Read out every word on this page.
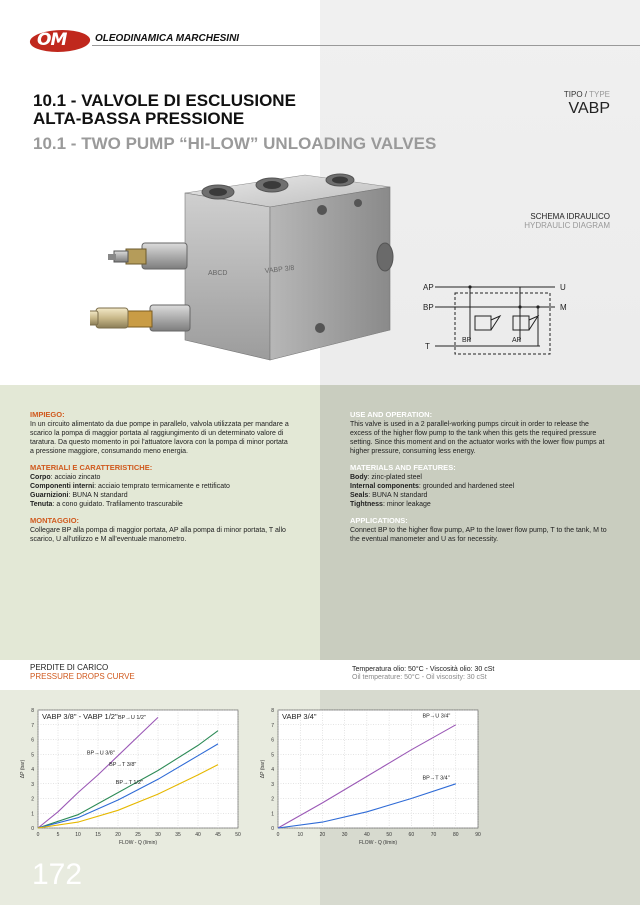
OM	OLEODINAMICA MARCHESINI
10.1 - VALVOLE DI ESCLUSIONE
ALTA-BASSA PRESSIONE
10.1 - TWO PUMP “HI-LOW” UNLOADING VALVES
TIPO / TYPE
VABP
SCHEMA IDRAULICO
HYDRAULIC DIAGRAM
ABCD	VABP 3/8
AP
BP
T
U
M
BP	AP
IMPIEGO:

In un circuito alimentato da due pompe in parallelo, valvola utilizzata per mandare a scarico la pompa di maggior portata al raggiungimento di un determinato valore di taratura. Da questo momento in poi l'attuatore lavora con la pompa di minor portata a pressione maggiore, consumando meno energia.

MATERIALI E CARATTERISTICHE:

Corpo: acciaio zincato
Componenti interni: acciaio temprato termicamente e rettificato
Guarnizioni: BUNA N standard
Tenuta: a cono guidato. Trafilamento trascurabile

MONTAGGIO:

Collegare BP alla pompa di maggior portata, AP alla pompa di minor portata, T allo scarico, U all'utilizzo e M all'eventuale manometro.

USE AND OPERATION:

This valve is used in a 2 parallel-working pumps circuit in order to release the excess of the higher flow pump to the tank when this gets the required pressure setting. Since this moment and on the actuator works with the lower flow pumps at higher pressure, consuming less energy.

MATERIALS AND FEATURES:

Body: zinc-plated steel
Internal components: grounded and hardened steel
Seals: BUNA N standard
Tightness: minor leakage

APPLICATIONS:

Connect BP to the higher flow pump, AP to the lower flow pump, T to the tank, M to the eventual manometer and U as for necessity.

PERDITE DI CARICO
PRESSURE DROPS CURVE
Temperatura olio: 50°C - Viscosità olio: 30 cSt
Oil temperature: 50°C - Oil viscosity: 30 cSt
0	5	10	15	20	25	30	35	40	45	50
0
1
2
3
4
5
6
7
8
VABP 3/8" - VABP 1/2"
FLOW - Q (l/min)
ΔP (bar)
BP→U 1/2"
BP→U 3/8"
BP→T 3/8"
BP→T 1/2"
0	10	20	30	40	50	60	70	80	90
0
1
2
3
4
5
6
7
8
VABP 3/4"
FLOW - Q (l/min)
ΔP (bar)
BP→U 3/4"
BP→T 3/4"
172
